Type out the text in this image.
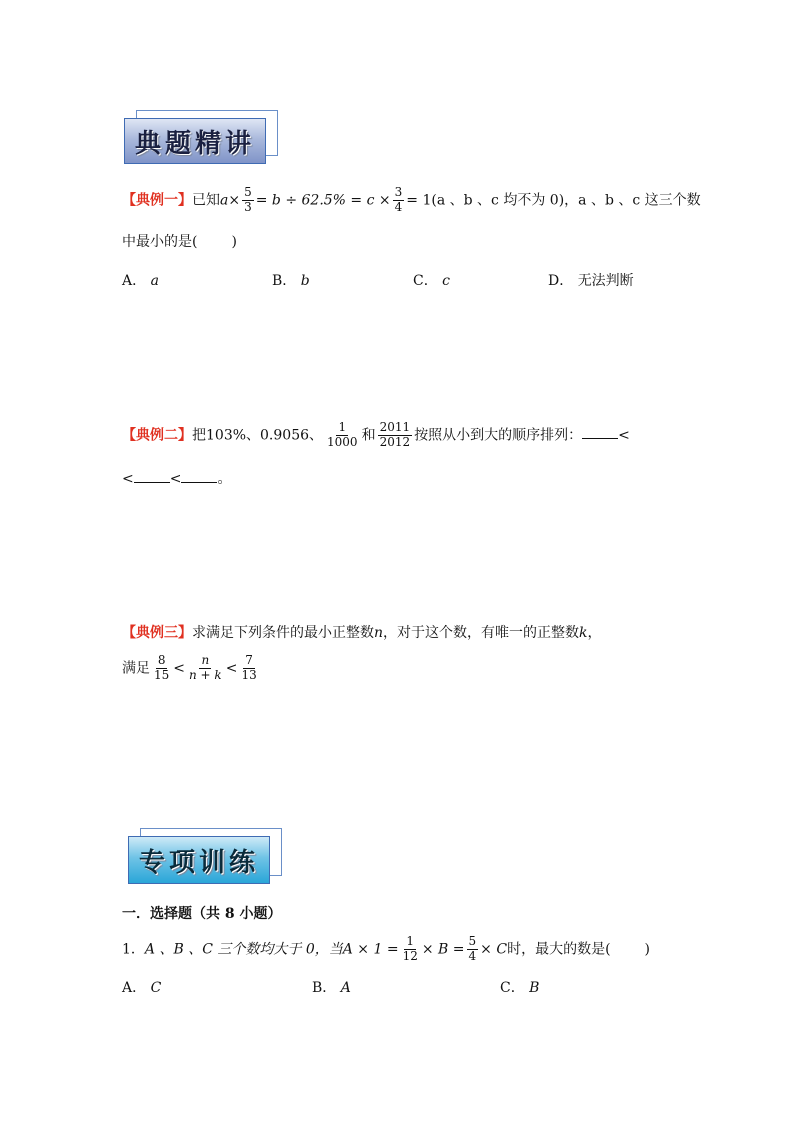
典题精讲
【典例一】已知$a\times \frac{5}{3} = b \div 62.5\% = c \times \frac{3}{4} = 1(a$ 、b 、c 均不为 0)，a 、b 、c 这三个数
中最小的是( )
A． a	B． b	C． c	D． 无法判断
【典例二】把103%、0.9056、 $\frac{1}{1000}$ 和 $\frac{2011}{2012}$ 按照从小到大的顺序排列：	<
<	<	。
【典例三】求满足下列条件的最小正整数n，对于这个数，有唯一的正整数k，
满足 $\frac{8}{15} < \frac{n}{n + k} < \frac{7}{13}$
专项训练
一．选择题（共 8 小题）
1．A 、B 、C 三个数均大于 0，当$A \times 1 = \frac{1}{12} \times B = \frac{5}{4} \times C$时，最大的数是( )
A． C	B． A	C． B
